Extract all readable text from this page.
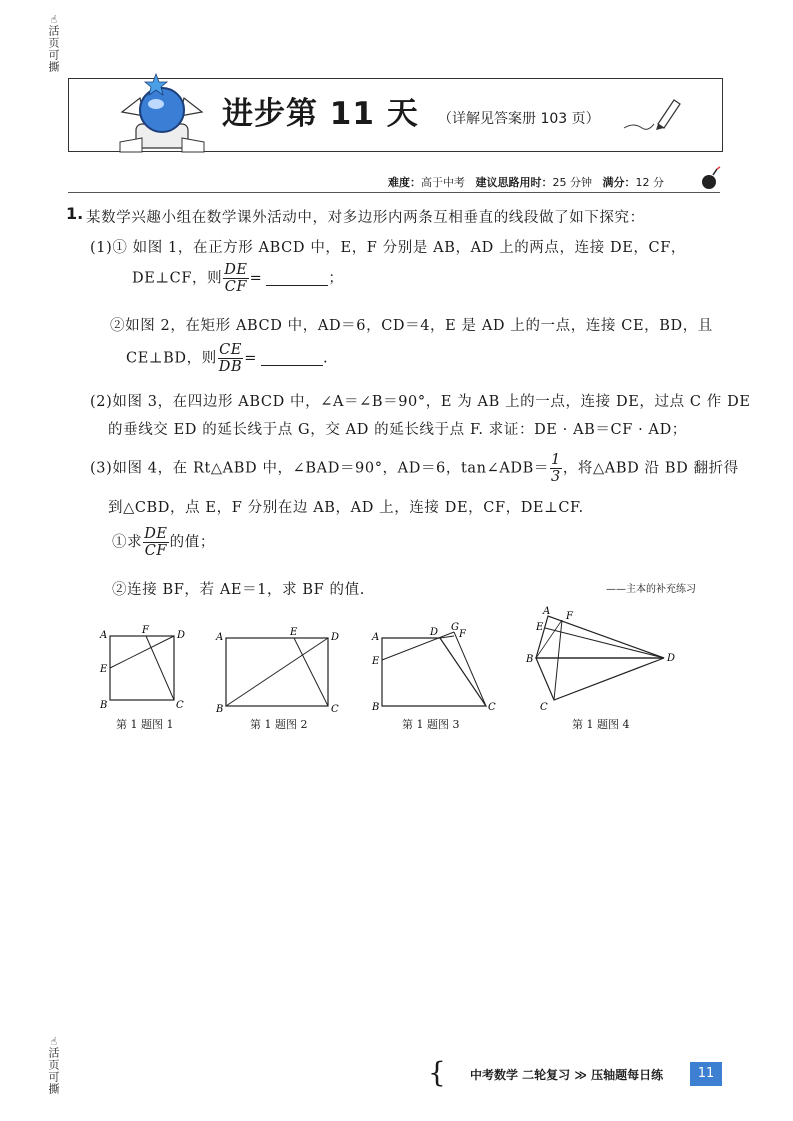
☜活页可撕
☜活页可撕
进步第 11 天 （详解见答案册 103 页）
难度：高于中考 建议思路用时：25 分钟 满分：12 分
1. 某数学兴趣小组在数学课外活动中，对多边形内两条互相垂直的线段做了如下探究：
(1)① 如图 1，在正方形 ABCD 中，E，F 分别是 AB，AD 上的两点，连接 DE，CF，
DE⊥CF，则 $\frac{DE}{CF}$ =	；
②如图 2，在矩形 ABCD 中，AD＝6，CD＝4，E 是 AD 上的一点，连接 CE，BD，且
CE⊥BD，则 $\frac{CE}{DB}$ =	.
(2)如图 3，在四边形 ABCD 中，∠A＝∠B＝90°，E 为 AB 上的一点，连接 DE，过点 C 作 DE
的垂线交 ED 的延长线于点 G，交 AD 的延长线于点 F. 求证：DE · AB＝CF · AD；
(3)如图 4，在 Rt△ABD 中，∠BAD＝90°，AD＝6，tan∠ADB＝ $\frac{1}{3}$ ，将△ABD 沿 BD 翻折得
到△CBD，点 E，F 分别在边 AB，AD 上，连接 DE，CF，DE⊥CF.
①求 $\frac{DE}{CF}$ 的值；
②连接 BF，若 AE＝1，求 BF 的值.	——主本的补充练习
A	F	D
E
B	C
第 1 题图 1
A	E	D
B	C
第 1 题图 2
A	D G
F
E
B	C
第 1 题图 3
A F
E
B	D
C
第 1 题图 4
{ 中考数学 二轮复习 ≫ 压轴题每日练	11
